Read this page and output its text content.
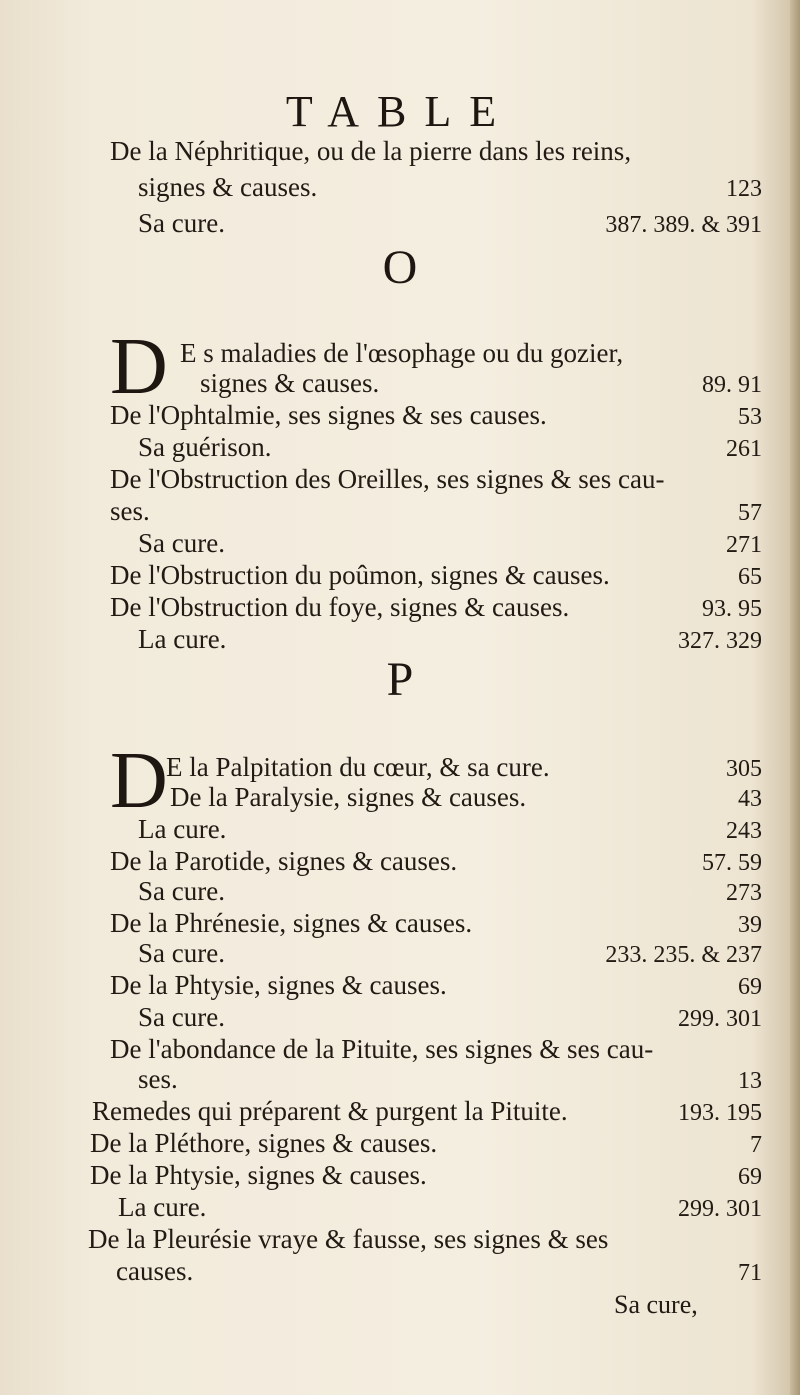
TABLE
De la Néphritique, ou de la pierre dans les reins,
signes & causes.	123
Sa cure.	387. 389. & 391
O
D E s maladies de l'œsophage ou du gozier,
signes & causes.	89. 91
De l'Ophtalmie, ses signes & ses causes.	53
Sa guérison.	261
De l'Obstruction des Oreilles, ses signes & ses cau-
ses.	57
Sa cure.	271
De l'Obstruction du poûmon, signes & causes.	65
De l'Obstruction du foye, signes & causes.	93. 95
La cure.	327. 329
P
D
E la Palpitation du cœur, & sa cure.	305
De la Paralysie, signes & causes.	43
La cure.	243
De la Parotide, signes & causes.	57. 59
Sa cure.	273
De la Phrénesie, signes & causes.	39
Sa cure.	233. 235. & 237
De la Phtysie, signes & causes.	69
Sa cure.	299. 301
De l'abondance de la Pituite, ses signes & ses cau-
ses.	13
Remedes qui préparent & purgent la Pituite.	193. 195
De la Pléthore, signes & causes.	7
De la Phtysie, signes & causes.	69
La cure.	299. 301
De la Pleurésie vraye & fausse, ses signes & ses
causes.	71
Sa cure,
